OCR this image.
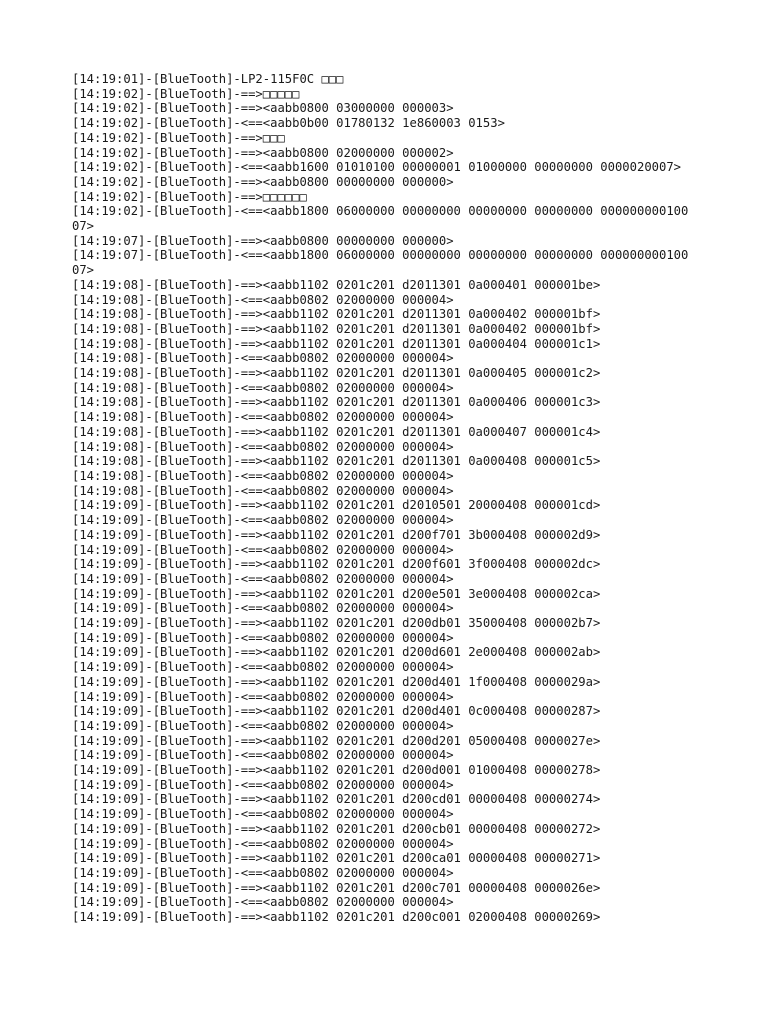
[14:19:01]-[BlueTooth]-LP2-115F0C □□□
[14:19:02]-[BlueTooth]-==>□□□□□
[14:19:02]-[BlueTooth]-==><aabb0800 03000000 000003>
[14:19:02]-[BlueTooth]-<==<aabb0b00 01780132 1e860003 0153>
[14:19:02]-[BlueTooth]-==>□□□
[14:19:02]-[BlueTooth]-==><aabb0800 02000000 000002>
[14:19:02]-[BlueTooth]-<==<aabb1600 01010100 00000001 01000000 00000000 0000020007>
[14:19:02]-[BlueTooth]-==><aabb0800 00000000 000000>
[14:19:02]-[BlueTooth]-==>□□□□□□
[14:19:02]-[BlueTooth]-<==<aabb1800 06000000 00000000 00000000 00000000 00000000010007>
[14:19:07]-[BlueTooth]-==><aabb0800 00000000 000000>
[14:19:07]-[BlueTooth]-<==<aabb1800 06000000 00000000 00000000 00000000 00000000010007>
[14:19:08]-[BlueTooth]-==><aabb1102 0201c201 d2011301 0a000401 000001be>
[14:19:08]-[BlueTooth]-<==<aabb0802 02000000 000004>
[14:19:08]-[BlueTooth]-==><aabb1102 0201c201 d2011301 0a000402 000001bf>
[14:19:08]-[BlueTooth]-==><aabb1102 0201c201 d2011301 0a000402 000001bf>
[14:19:08]-[BlueTooth]-==><aabb1102 0201c201 d2011301 0a000404 000001c1>
[14:19:08]-[BlueTooth]-<==<aabb0802 02000000 000004>
[14:19:08]-[BlueTooth]-==><aabb1102 0201c201 d2011301 0a000405 000001c2>
[14:19:08]-[BlueTooth]-<==<aabb0802 02000000 000004>
[14:19:08]-[BlueTooth]-==><aabb1102 0201c201 d2011301 0a000406 000001c3>
[14:19:08]-[BlueTooth]-<==<aabb0802 02000000 000004>
[14:19:08]-[BlueTooth]-==><aabb1102 0201c201 d2011301 0a000407 000001c4>
[14:19:08]-[BlueTooth]-<==<aabb0802 02000000 000004>
[14:19:08]-[BlueTooth]-==><aabb1102 0201c201 d2011301 0a000408 000001c5>
[14:19:08]-[BlueTooth]-<==<aabb0802 02000000 000004>
[14:19:08]-[BlueTooth]-<==<aabb0802 02000000 000004>
[14:19:09]-[BlueTooth]-==><aabb1102 0201c201 d2010501 20000408 000001cd>
[14:19:09]-[BlueTooth]-<==<aabb0802 02000000 000004>
[14:19:09]-[BlueTooth]-==><aabb1102 0201c201 d200f701 3b000408 000002d9>
[14:19:09]-[BlueTooth]-<==<aabb0802 02000000 000004>
[14:19:09]-[BlueTooth]-==><aabb1102 0201c201 d200f601 3f000408 000002dc>
[14:19:09]-[BlueTooth]-<==<aabb0802 02000000 000004>
[14:19:09]-[BlueTooth]-==><aabb1102 0201c201 d200e501 3e000408 000002ca>
[14:19:09]-[BlueTooth]-<==<aabb0802 02000000 000004>
[14:19:09]-[BlueTooth]-==><aabb1102 0201c201 d200db01 35000408 000002b7>
[14:19:09]-[BlueTooth]-<==<aabb0802 02000000 000004>
[14:19:09]-[BlueTooth]-==><aabb1102 0201c201 d200d601 2e000408 000002ab>
[14:19:09]-[BlueTooth]-<==<aabb0802 02000000 000004>
[14:19:09]-[BlueTooth]-==><aabb1102 0201c201 d200d401 1f000408 0000029a>
[14:19:09]-[BlueTooth]-<==<aabb0802 02000000 000004>
[14:19:09]-[BlueTooth]-==><aabb1102 0201c201 d200d401 0c000408 00000287>
[14:19:09]-[BlueTooth]-<==<aabb0802 02000000 000004>
[14:19:09]-[BlueTooth]-==><aabb1102 0201c201 d200d201 05000408 0000027e>
[14:19:09]-[BlueTooth]-<==<aabb0802 02000000 000004>
[14:19:09]-[BlueTooth]-==><aabb1102 0201c201 d200d001 01000408 00000278>
[14:19:09]-[BlueTooth]-<==<aabb0802 02000000 000004>
[14:19:09]-[BlueTooth]-==><aabb1102 0201c201 d200cd01 00000408 00000274>
[14:19:09]-[BlueTooth]-<==<aabb0802 02000000 000004>
[14:19:09]-[BlueTooth]-==><aabb1102 0201c201 d200cb01 00000408 00000272>
[14:19:09]-[BlueTooth]-<==<aabb0802 02000000 000004>
[14:19:09]-[BlueTooth]-==><aabb1102 0201c201 d200ca01 00000408 00000271>
[14:19:09]-[BlueTooth]-<==<aabb0802 02000000 000004>
[14:19:09]-[BlueTooth]-==><aabb1102 0201c201 d200c701 00000408 0000026e>
[14:19:09]-[BlueTooth]-<==<aabb0802 02000000 000004>
[14:19:09]-[BlueTooth]-==><aabb1102 0201c201 d200c001 02000408 00000269>
